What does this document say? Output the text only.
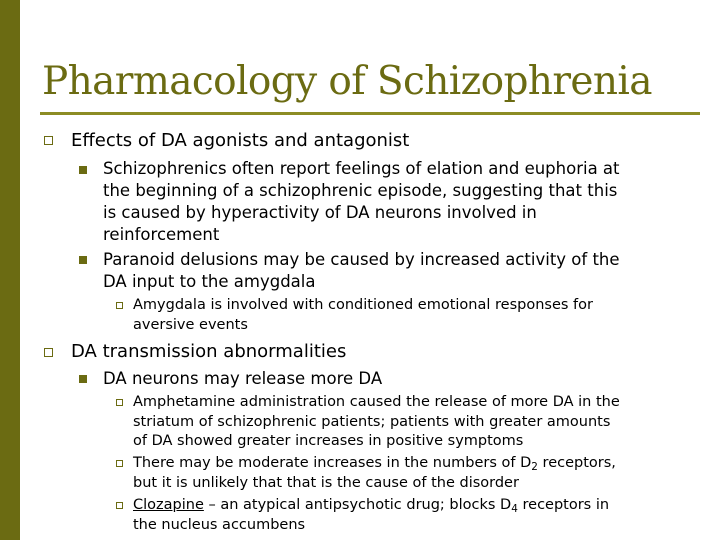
Pharmacology of Schizophrenia
Effects of DA agonists and antagonist
Schizophrenics often report feelings of elation and euphoria at
the beginning of a schizophrenic episode, suggesting that this
is caused by hyperactivity of DA neurons involved in
reinforcement
Paranoid delusions may be caused by increased activity of the
DA input to the amygdala
Amygdala is involved with conditioned emotional responses for
aversive events
DA transmission abnormalities
DA neurons may release more DA
Amphetamine administration caused the release of more DA in the
striatum of schizophrenic patients; patients with greater amounts
of DA showed greater increases in positive symptoms
There may be moderate increases in the numbers of $D_2$ receptors,
but it is unlikely that that is the cause of the disorder
Clozapine – an atypical antipsychotic drug; blocks $D_4$ receptors in
the nucleus accumbens
